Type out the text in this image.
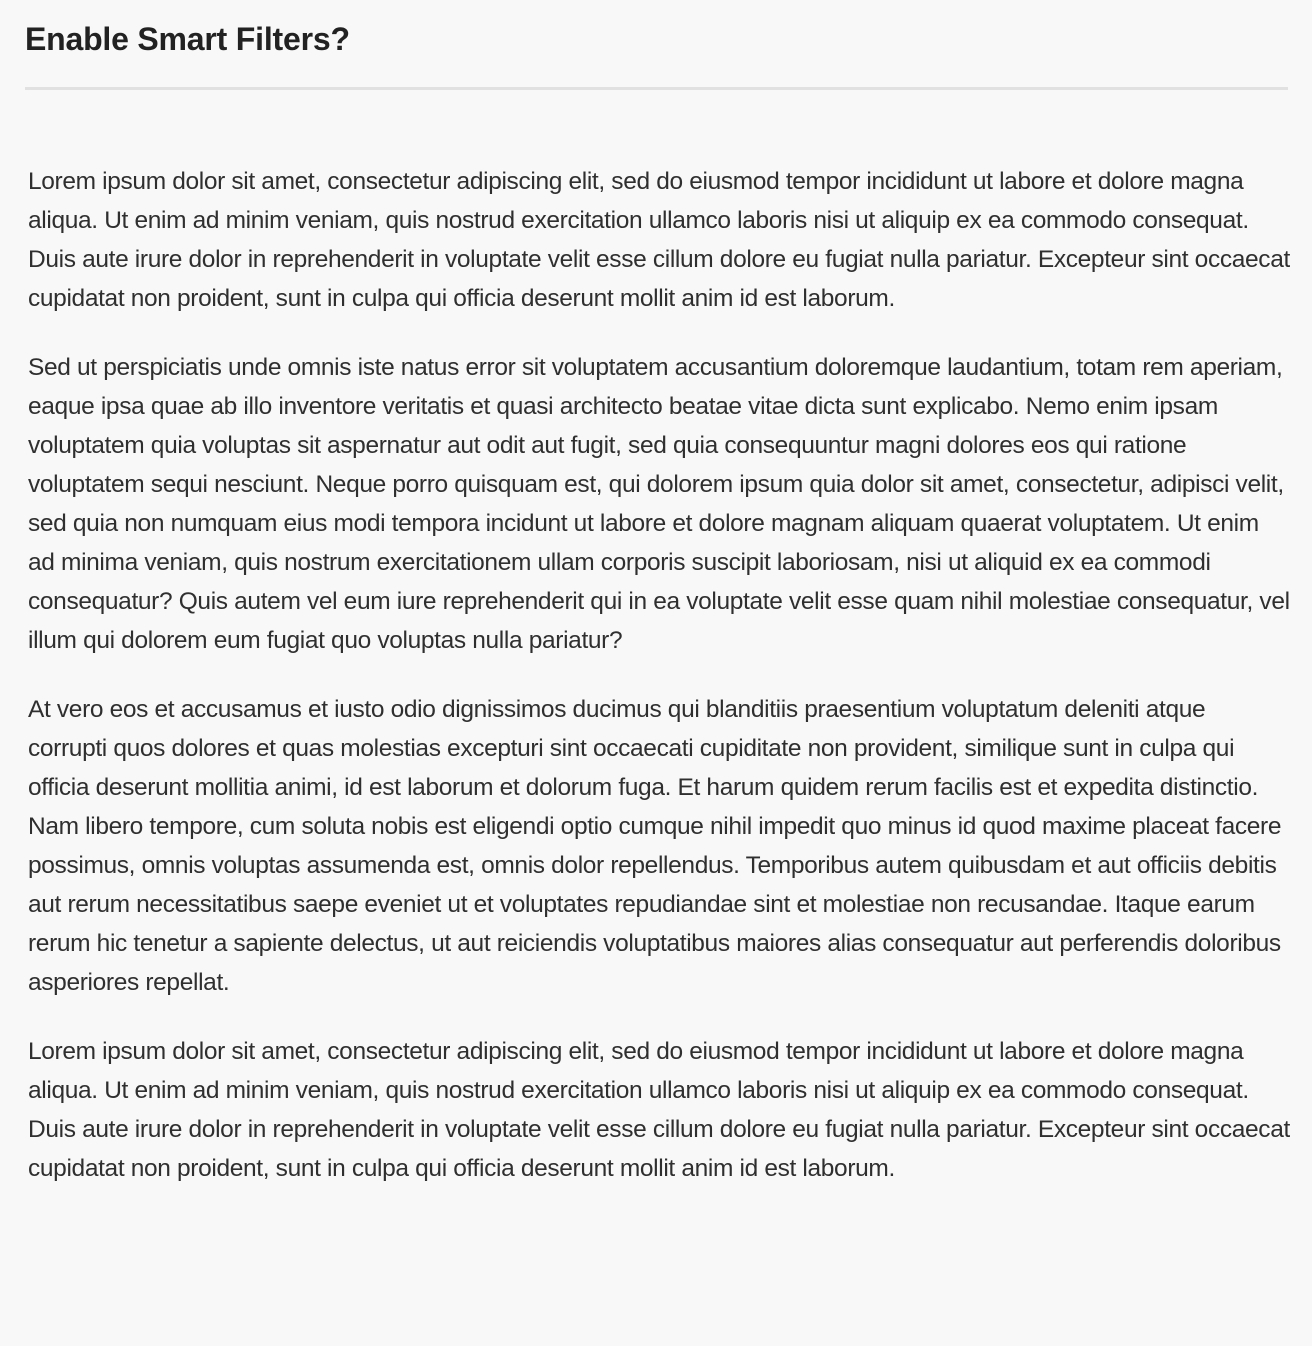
Enable Smart Filters?

Lorem ipsum dolor sit amet, consectetur adipiscing elit, sed do eiusmod tempor incididunt ut labore et dolore magna aliqua. Ut enim ad minim veniam, quis nostrud exercitation ullamco laboris nisi ut aliquip ex ea commodo consequat. Duis aute irure dolor in reprehenderit in voluptate velit esse cillum dolore eu fugiat nulla pariatur. Excepteur sint occaecat cupidatat non proident, sunt in culpa qui officia deserunt mollit anim id est laborum.

Sed ut perspiciatis unde omnis iste natus error sit voluptatem accusantium doloremque laudantium, totam rem aperiam, eaque ipsa quae ab illo inventore veritatis et quasi architecto beatae vitae dicta sunt explicabo. Nemo enim ipsam voluptatem quia voluptas sit aspernatur aut odit aut fugit, sed quia consequuntur magni dolores eos qui ratione voluptatem sequi nesciunt. Neque porro quisquam est, qui dolorem ipsum quia dolor sit amet, consectetur, adipisci velit, sed quia non numquam eius modi tempora incidunt ut labore et dolore magnam aliquam quaerat voluptatem. Ut enim ad minima veniam, quis nostrum exercitationem ullam corporis suscipit laboriosam, nisi ut aliquid ex ea commodi consequatur? Quis autem vel eum iure reprehenderit qui in ea voluptate velit esse quam nihil molestiae consequatur, vel illum qui dolorem eum fugiat quo voluptas nulla pariatur?

At vero eos et accusamus et iusto odio dignissimos ducimus qui blanditiis praesentium voluptatum deleniti atque corrupti quos dolores et quas molestias excepturi sint occaecati cupiditate non provident, similique sunt in culpa qui officia deserunt mollitia animi, id est laborum et dolorum fuga. Et harum quidem rerum facilis est et expedita distinctio. Nam libero tempore, cum soluta nobis est eligendi optio cumque nihil impedit quo minus id quod maxime placeat facere possimus, omnis voluptas assumenda est, omnis dolor repellendus. Temporibus autem quibusdam et aut officiis debitis aut rerum necessitatibus saepe eveniet ut et voluptates repudiandae sint et molestiae non recusandae. Itaque earum rerum hic tenetur a sapiente delectus, ut aut reiciendis voluptatibus maiores alias consequatur aut perferendis doloribus asperiores repellat.

Lorem ipsum dolor sit amet, consectetur adipiscing elit, sed do eiusmod tempor incididunt ut labore et dolore magna aliqua. Ut enim ad minim veniam, quis nostrud exercitation ullamco laboris nisi ut aliquip ex ea commodo consequat. Duis aute irure dolor in reprehenderit in voluptate velit esse cillum dolore eu fugiat nulla pariatur. Excepteur sint occaecat cupidatat non proident, sunt in culpa qui officia deserunt mollit anim id est laborum.
